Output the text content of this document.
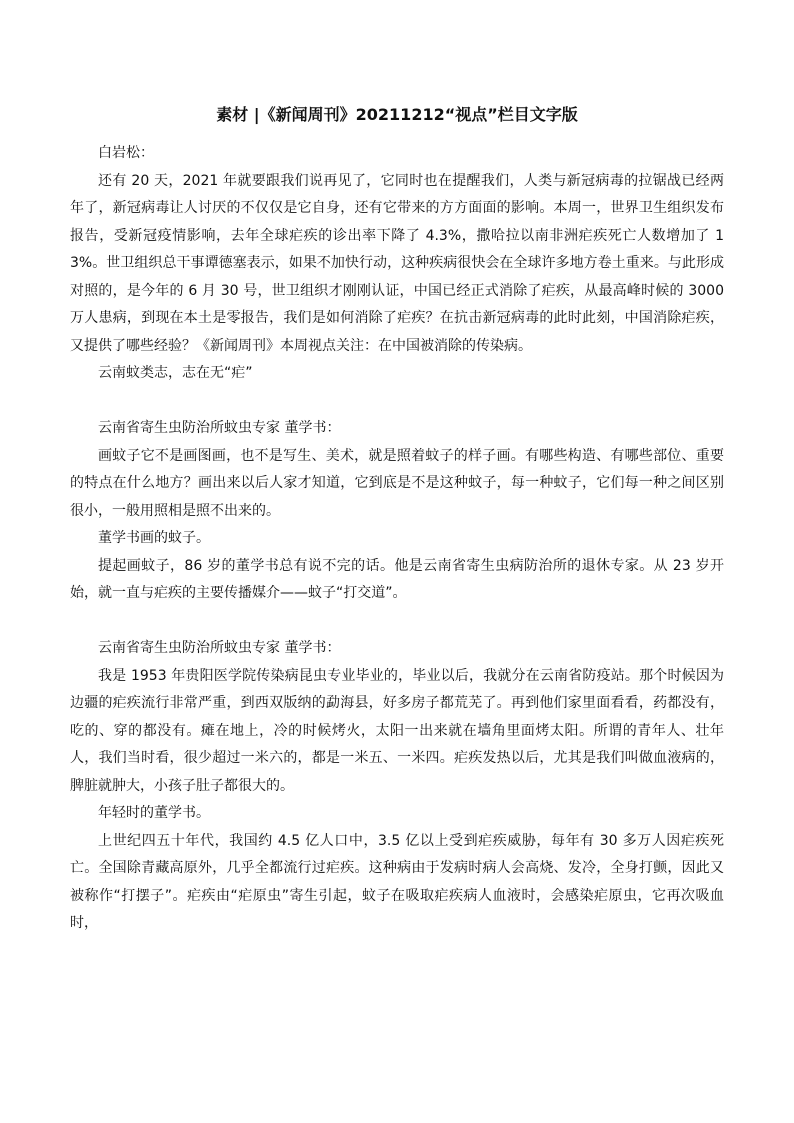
素材 |《新闻周刊》20211212“视点”栏目文字版

白岩松：

还有 20 天，2021 年就要跟我们说再见了，它同时也在提醒我们，人类与新冠病毒的拉锯战已经两年了，新冠病毒让人讨厌的不仅仅是它自身，还有它带来的方方面面的影响。本周一，世界卫生组织发布报告，受新冠疫情影响，去年全球疟疾的诊出率下降了 4.3%，撒哈拉以南非洲疟疾死亡人数增加了 13%。世卫组织总干事谭德塞表示，如果不加快行动，这种疾病很快会在全球许多地方卷土重来。与此形成对照的，是今年的 6 月 30 号，世卫组织才刚刚认证，中国已经正式消除了疟疾，从最高峰时候的 3000 万人患病，到现在本土是零报告，我们是如何消除了疟疾？在抗击新冠病毒的此时此刻，中国消除疟疾，又提供了哪些经验？《新闻周刊》本周视点关注：在中国被消除的传染病。

云南蚊类志，志在无“疟”

云南省寄生虫防治所蚊虫专家 董学书：

画蚊子它不是画图画，也不是写生、美术，就是照着蚊子的样子画。有哪些构造、有哪些部位、重要的特点在什么地方？画出来以后人家才知道，它到底是不是这种蚊子，每一种蚊子，它们每一种之间区别很小，一般用照相是照不出来的。

董学书画的蚊子。

提起画蚊子，86 岁的董学书总有说不完的话。他是云南省寄生虫病防治所的退休专家。从 23 岁开始，就一直与疟疾的主要传播媒介——蚊子“打交道”。

云南省寄生虫防治所蚊虫专家 董学书：

我是 1953 年贵阳医学院传染病昆虫专业毕业的，毕业以后，我就分在云南省防疫站。那个时候因为边疆的疟疾流行非常严重，到西双版纳的勐海县，好多房子都荒芜了。再到他们家里面看看，药都没有，吃的、穿的都没有。瘫在地上，冷的时候烤火，太阳一出来就在墙角里面烤太阳。所谓的青年人、壮年人，我们当时看，很少超过一米六的，都是一米五、一米四。疟疾发热以后，尤其是我们叫做血液病的，脾脏就肿大，小孩子肚子都很大的。

年轻时的董学书。

上世纪四五十年代，我国约 4.5 亿人口中，3.5 亿以上受到疟疾威胁，每年有 30 多万人因疟疾死亡。全国除青藏高原外，几乎全都流行过疟疾。这种病由于发病时病人会高烧、发冷，全身打颤，因此又被称作“打摆子”。疟疾由“疟原虫”寄生引起，蚊子在吸取疟疾病人血液时，会感染疟原虫，它再次吸血时，
